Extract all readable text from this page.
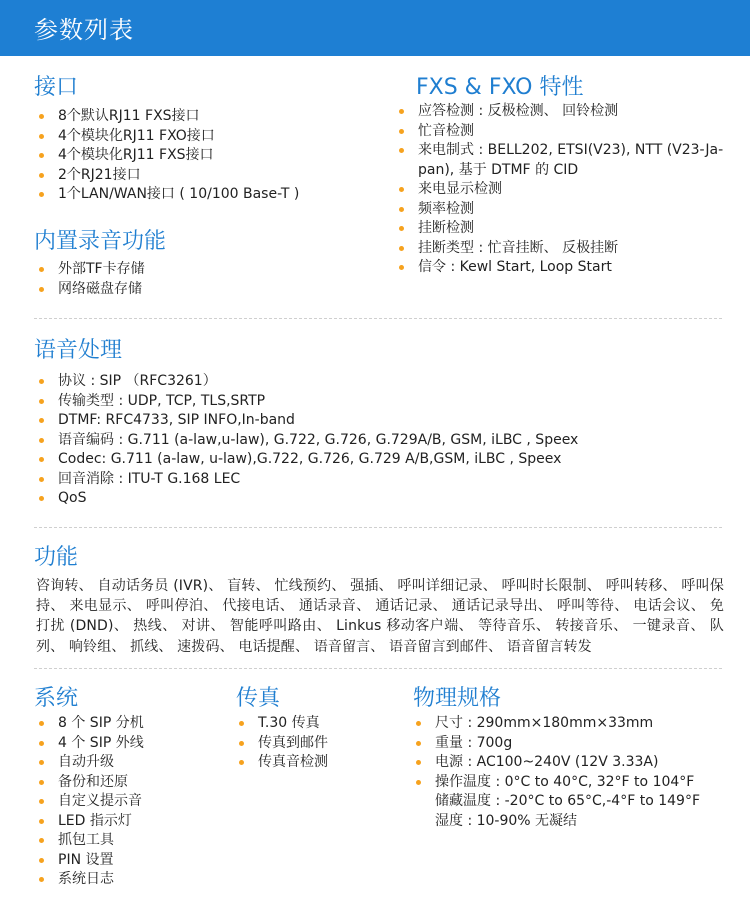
参数列表
接口
8个默认RJ11 FXS接口
4个模块化RJ11 FXO接口
4个模块化RJ11 FXS接口
2个RJ21接口
1个LAN/WAN接口 ( 10/100 Base-T )
内置录音功能
外部TF卡存储
网络磁盘存储
FXS & FXO 特性
应答检测 : 反极检测、 回铃检测
忙音检测
来电制式 : BELL202, ETSI(V23), NTT (V23-Ja-
pan), 基于 DTMF 的 CID
来电显示检测
频率检测
挂断检测
挂断类型 : 忙音挂断、 反极挂断
信令 : Kewl Start, Loop Start
语音处理
协议 : SIP （RFC3261）
传输类型 : UDP, TCP, TLS,SRTP
DTMF: RFC4733, SIP INFO,In-band
语音编码 : G.711 (a-law,u-law), G.722, G.726, G.729A/B, GSM, iLBC , Speex
Codec: G.711 (a-law, u-law),G.722, G.726, G.729 A/B,GSM, iLBC , Speex
回音消除 : ITU-T G.168 LEC
QoS
功能
咨询转、 自动话务员 (IVR)、 盲转、 忙线预约、 强插、 呼叫详细记录、 呼叫时长限制、 呼叫转移、 呼叫保持、 来电显示、 呼叫停泊、 代接电话、 通话录音、 通话记录、 通话记录导出、 呼叫等待、 电话会议、 免打扰 (DND)、 热线、 对讲、 智能呼叫路由、 Linkus 移动客户端、 等待音乐、 转接音乐、 一键录音、 队列、 响铃组、 抓线、 速拨码、 电话提醒、 语音留言、 语音留言到邮件、 语音留言转发
系统
8 个 SIP 分机
4 个 SIP 外线
自动升级
备份和还原
自定义提示音
LED 指示灯
抓包工具
PIN 设置
系统日志
传真
T.30 传真
传真到邮件
传真音检测
物理规格
尺寸 : 290mm×180mm×33mm
重量 : 700g
电源 : AC100~240V (12V 3.33A)
操作温度 : 0°C to 40°C, 32°F to 104°F
储藏温度 : -20°C to 65°C,-4°F to 149°F
湿度 : 10-90% 无凝结
